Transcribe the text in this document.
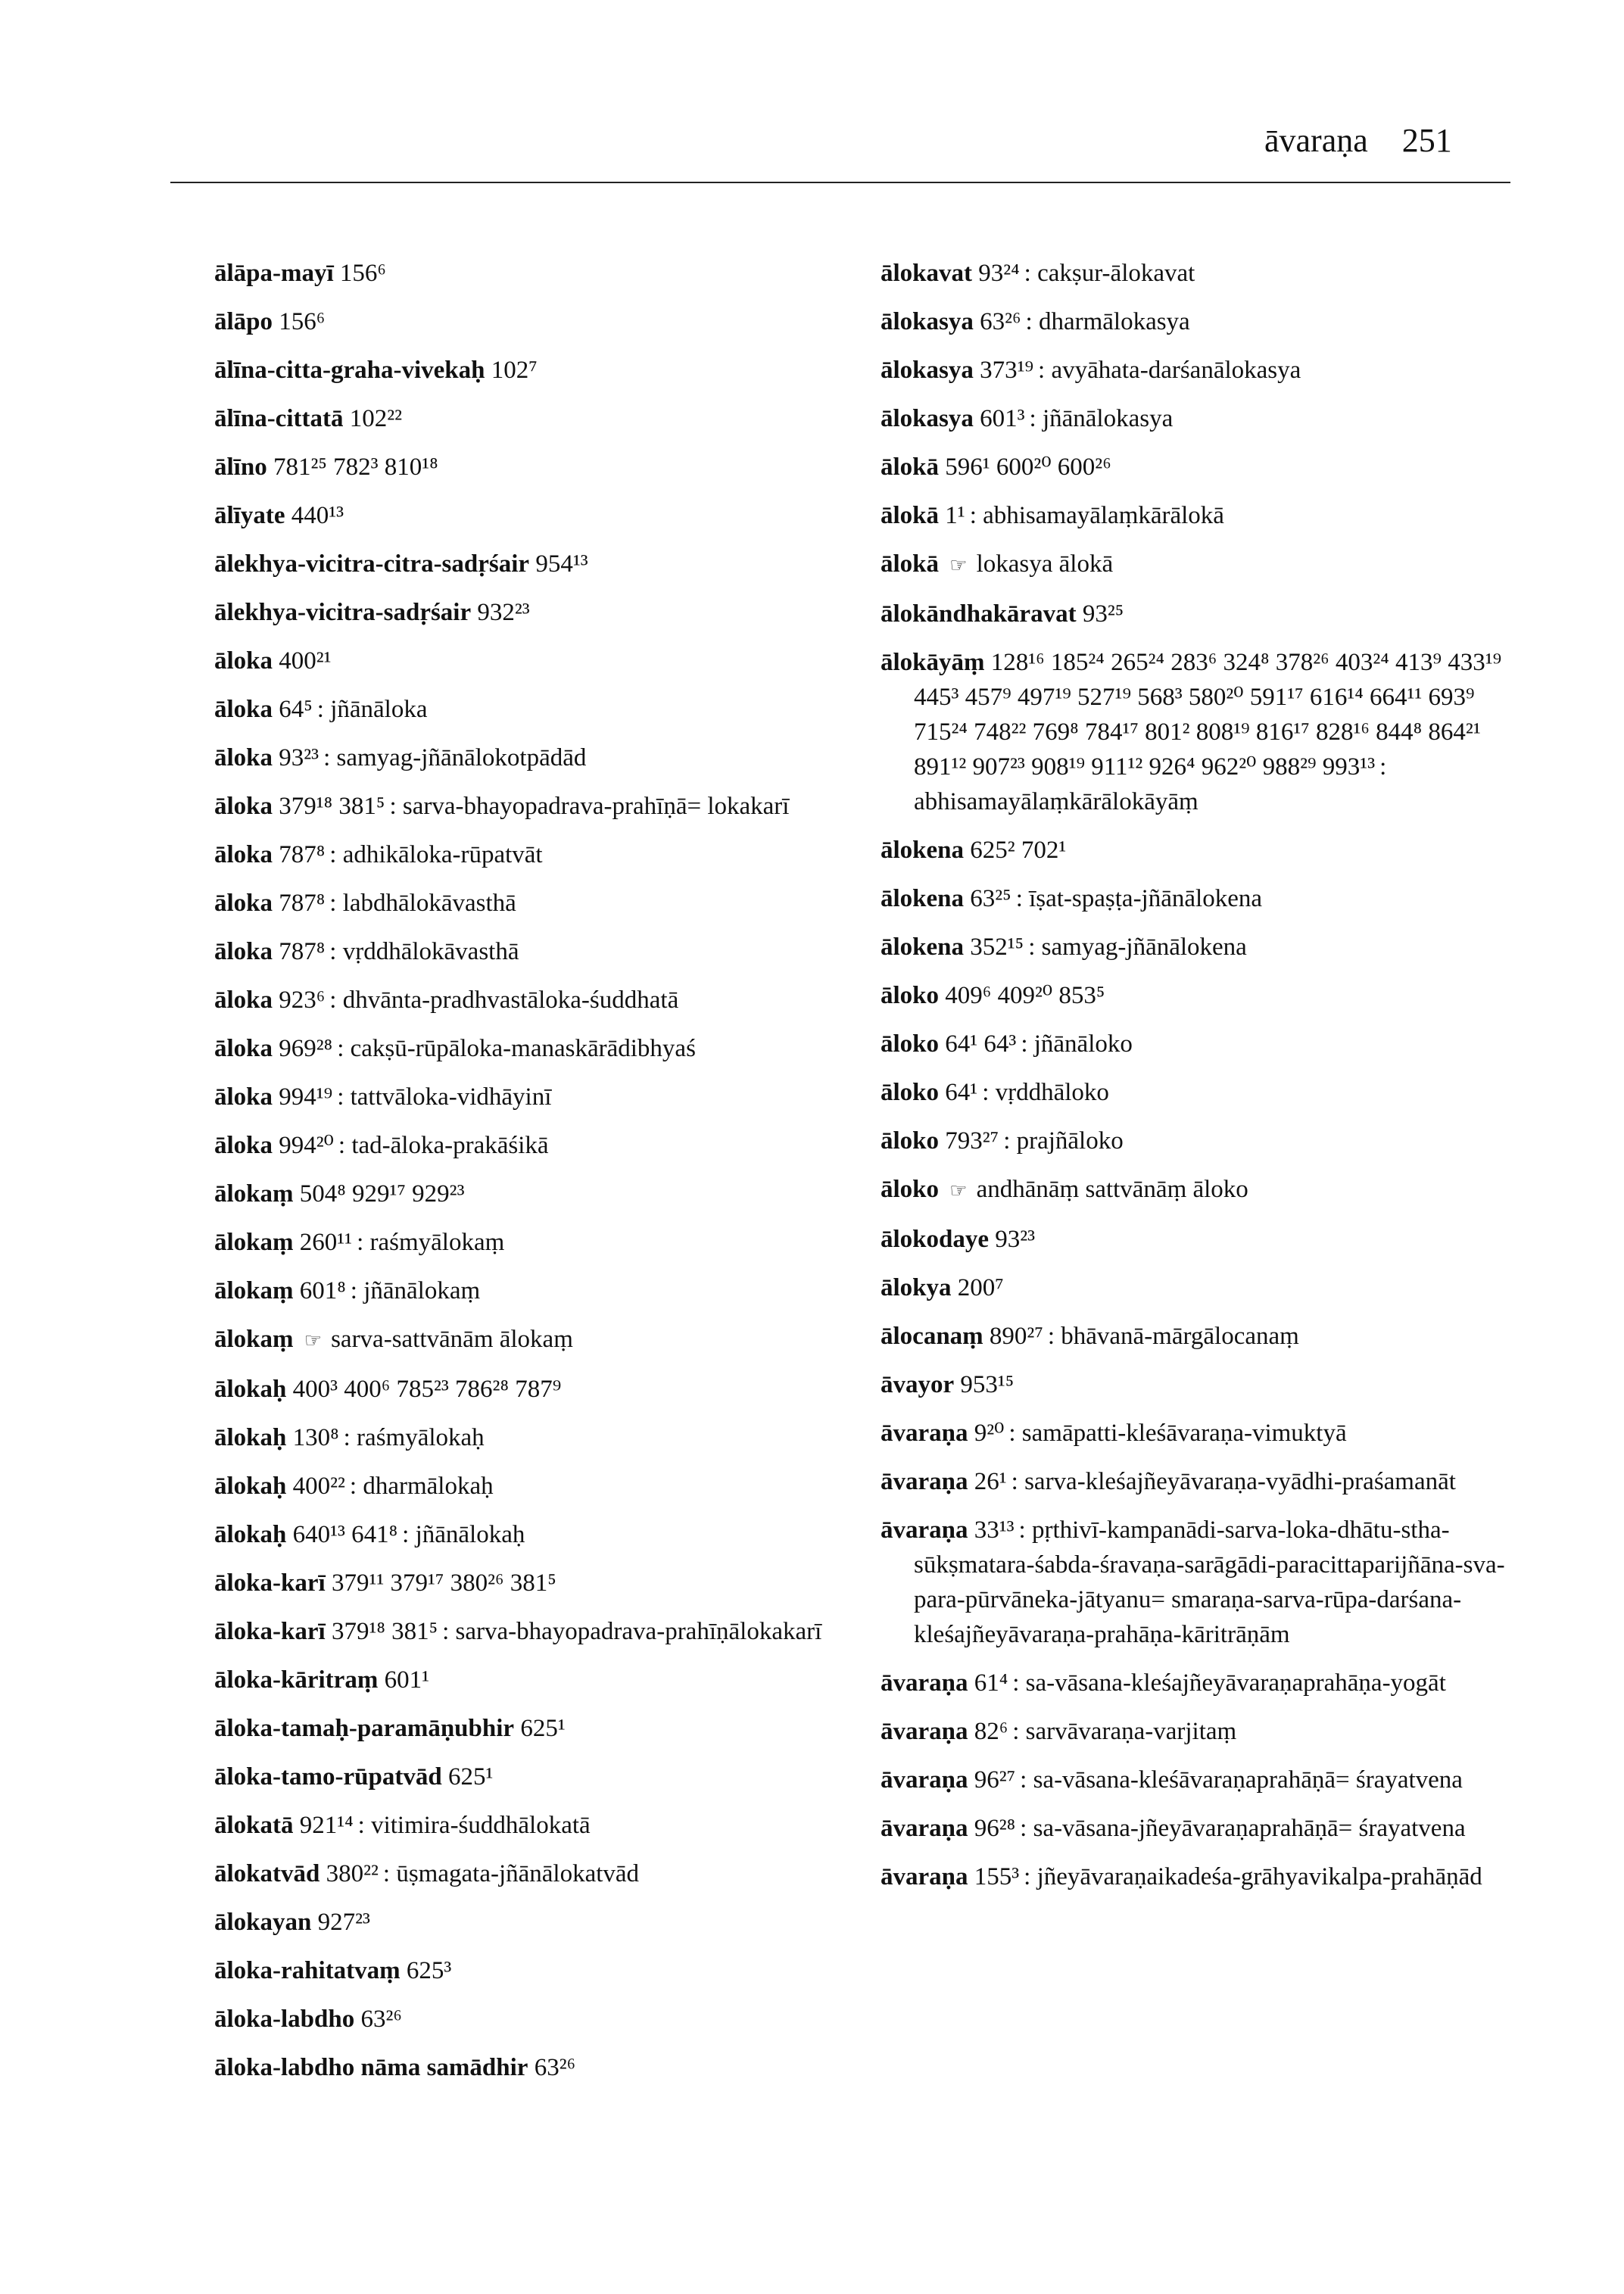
āvaraṇa 251
ālāpa-mayī 156⁶
ālāpo 156⁶
ālīna-citta-graha-vivekaḥ 102⁷
ālīna-cittatā 102²²
ālīno 781²⁵ 782³ 810¹⁸
ālīyate 440¹³
ālekhya-vicitra-citra-sadṛśair 954¹³
ālekhya-vicitra-sadṛśair 932²³
āloka 400²¹
āloka 64⁵ : jñānāloka
āloka 93²³ : samyag-jñānālokotpādād
āloka 379¹⁸ 381⁵ : sarva-bhayopadrava-prahīṇā= lokakarī
āloka 787⁸ : adhikāloka-rūpatvāt
āloka 787⁸ : labdhālokāvasthā
āloka 787⁸ : vṛddhālokāvasthā
āloka 923⁶ : dhvānta-pradhvastāloka-śuddhatā
āloka 969²⁸ : cakṣū-rūpāloka-manaskārādibhyaś
āloka 994¹⁹ : tattvāloka-vidhāyinī
āloka 994²⁰ : tad-āloka-prakāśikā
ālokaṃ 504⁸ 929¹⁷ 929²³
ālokaṃ 260¹¹ : raśmyālokaṃ
ālokaṃ 601⁸ : jñānālokaṃ
ālokaṃ ☞ sarva-sattvānām ālokaṃ
ālokaḥ 400³ 400⁶ 785²³ 786²⁸ 787⁹
ālokaḥ 130⁸ : raśmyālokaḥ
ālokaḥ 400²² : dharmālokaḥ
ālokaḥ 640¹³ 641⁸ : jñānālokaḥ
āloka-karī 379¹¹ 379¹⁷ 380²⁶ 381⁵
āloka-karī 379¹⁸ 381⁵ : sarva-bhayopadrava-prahīṇālokakarī
āloka-kāritraṃ 601¹
āloka-tamaḥ-paramāṇubhir 625¹
āloka-tamo-rūpatvād 625¹
ālokatā 921¹⁴ : vitimira-śuddhālokatā
ālokatvād 380²² : ūṣmagata-jñānālokatvād
ālokayan 927²³
āloka-rahitatvaṃ 625³
āloka-labdho 63²⁶
āloka-labdho nāma samādhir 63²⁶
ālokavat 93²⁴ : cakṣur-ālokavat
ālokasya 63²⁶ : dharmālokasya
ālokasya 373¹⁹ : avyāhata-darśanālokasya
ālokasya 601³ : jñānālokasya
ālokā 596¹ 600²⁰ 600²⁶
ālokā 1¹ : abhisamayālaṃkārālokā
ālokā ☞ lokasya ālokā
ālokāndhakāravat 93²⁵
ālokāyāṃ 128¹⁶ 185²⁴ 265²⁴ 283⁶ 324⁸ 378²⁶ 403²⁴ 413⁹ 433¹⁹ 445³ 457⁹ 497¹⁹ 527¹⁹ 568³ 580²⁰ 591¹⁷ 616¹⁴ 664¹¹ 693⁹ 715²⁴ 748²² 769⁸ 784¹⁷ 801² 808¹⁹ 816¹⁷ 828¹⁶ 844⁸ 864²¹ 891¹² 907²³ 908¹⁹ 911¹² 926⁴ 962²⁰ 988²⁹ 993¹³ : abhisamayālaṃkārālokāyāṃ
ālokena 625² 702¹
ālokena 63²⁵ : īṣat-spaṣṭa-jñānālokena
ālokena 352¹⁵ : samyag-jñānālokena
āloko 409⁶ 409²⁰ 853⁵
āloko 64¹ 64³ : jñānāloko
āloko 64¹ : vṛddhāloko
āloko 793²⁷ : prajñāloko
āloko ☞ andhānāṃ sattvānāṃ āloko
ālokodaye 93²³
ālokya 200⁷
ālocanaṃ 890²⁷ : bhāvanā-mārgālocanaṃ
āvayor 953¹⁵
āvaraṇa 9²⁰ : samāpatti-kleśāvaraṇa-vimuktyā
āvaraṇa 26¹ : sarva-kleśajñeyāvaraṇa-vyādhi-praśamanāt
āvaraṇa 33¹³ : pṛthivī-kampanādi-sarva-loka-dhātu-stha-sūkṣmatara-śabda-śravaṇa-sarāgādi-paracittaparijñāna-sva-para-pūrvāneka-jātyanu= smaraṇa-sarva-rūpa-darśana-kleśajñeyāvaraṇa-prahāṇa-kāritrāṇām
āvaraṇa 61⁴ : sa-vāsana-kleśajñeyāvaraṇaprahāṇa-yogāt
āvaraṇa 82⁶ : sarvāvaraṇa-varjitaṃ
āvaraṇa 96²⁷ : sa-vāsana-kleśāvaraṇaprahāṇā= śrayatvena
āvaraṇa 96²⁸ : sa-vāsana-jñeyāvaraṇaprahāṇā= śrayatvena
āvaraṇa 155³ : jñeyāvaraṇaikadeśa-grāhyavikalpa-prahāṇād
